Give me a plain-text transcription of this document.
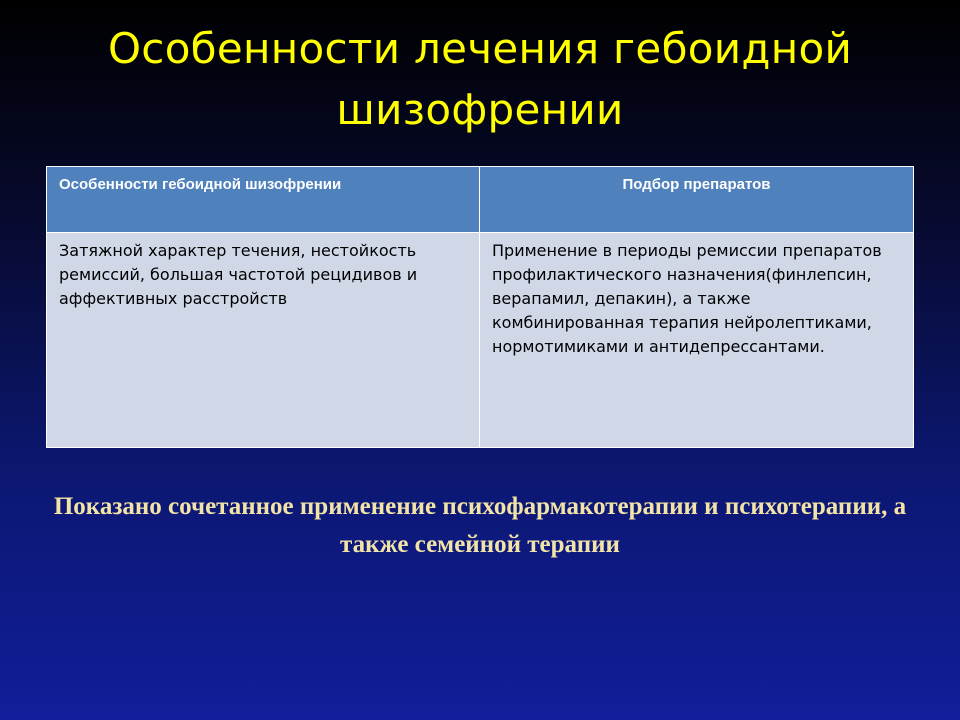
Особенности лечения гебоидной шизофрении
Особенности гебоидной шизофрении	Подбор препаратов
Затяжной характер течения, нестойкость ремиссий, большая частотой рецидивов и аффективных расстройств	Применение в периоды ремиссии препаратов профилактического назначения(финлепсин, верапамил, депакин), а также комбинированная терапия нейролептиками, нормотимиками и антидепрессантами.

Показано сочетанное применение психофармакотерапии и психотерапии, а также семейной терапии
